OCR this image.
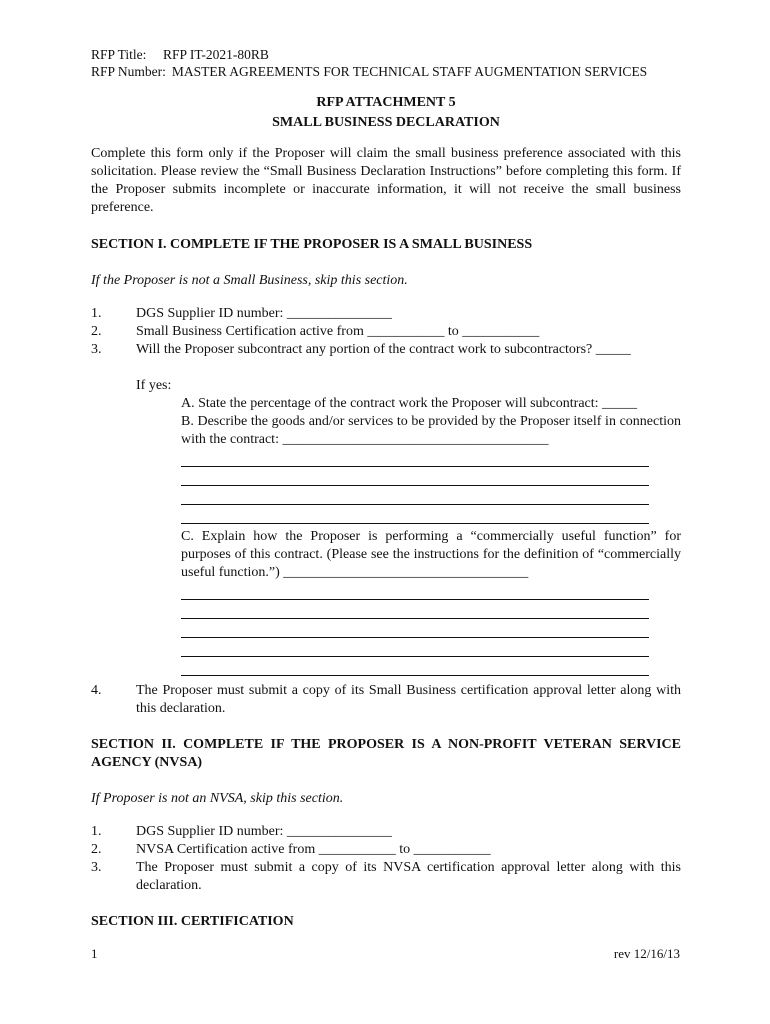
RFP Title: RFP IT-2021-80RB
RFP Number: MASTER AGREEMENTS FOR TECHNICAL STAFF AUGMENTATION SERVICES
RFP ATTACHMENT 5
SMALL BUSINESS DECLARATION
Complete this form only if the Proposer will claim the small business preference associated with this solicitation. Please review the “Small Business Declaration Instructions” before completing this form. If the Proposer submits incomplete or inaccurate information, it will not receive the small business preference.
SECTION I. COMPLETE IF THE PROPOSER IS A SMALL BUSINESS
If the Proposer is not a Small Business, skip this section.
1.	DGS Supplier ID number: _______________
2.	Small Business Certification active from ___________ to ___________
3.	Will the Proposer subcontract any portion of the contract work to subcontractors? _____
If yes:
A. State the percentage of the contract work the Proposer will subcontract: _____
B. Describe the goods and/or services to be provided by the Proposer itself in connection with the contract: ______________________________________
C. Explain how the Proposer is performing a “commercially useful function” for purposes of this contract. (Please see the instructions for the definition of “commercially useful function.”) ___________________________________
4.	The Proposer must submit a copy of its Small Business certification approval letter along with this declaration.
SECTION II. COMPLETE IF THE PROPOSER IS A NON-PROFIT VETERAN SERVICE AGENCY (NVSA)
If Proposer is not an NVSA, skip this section.
1.	DGS Supplier ID number: _______________
2.	NVSA Certification active from ___________ to ___________
3.	The Proposer must submit a copy of its NVSA certification approval letter along with this declaration.
SECTION III. CERTIFICATION
1	rev 12/16/13
